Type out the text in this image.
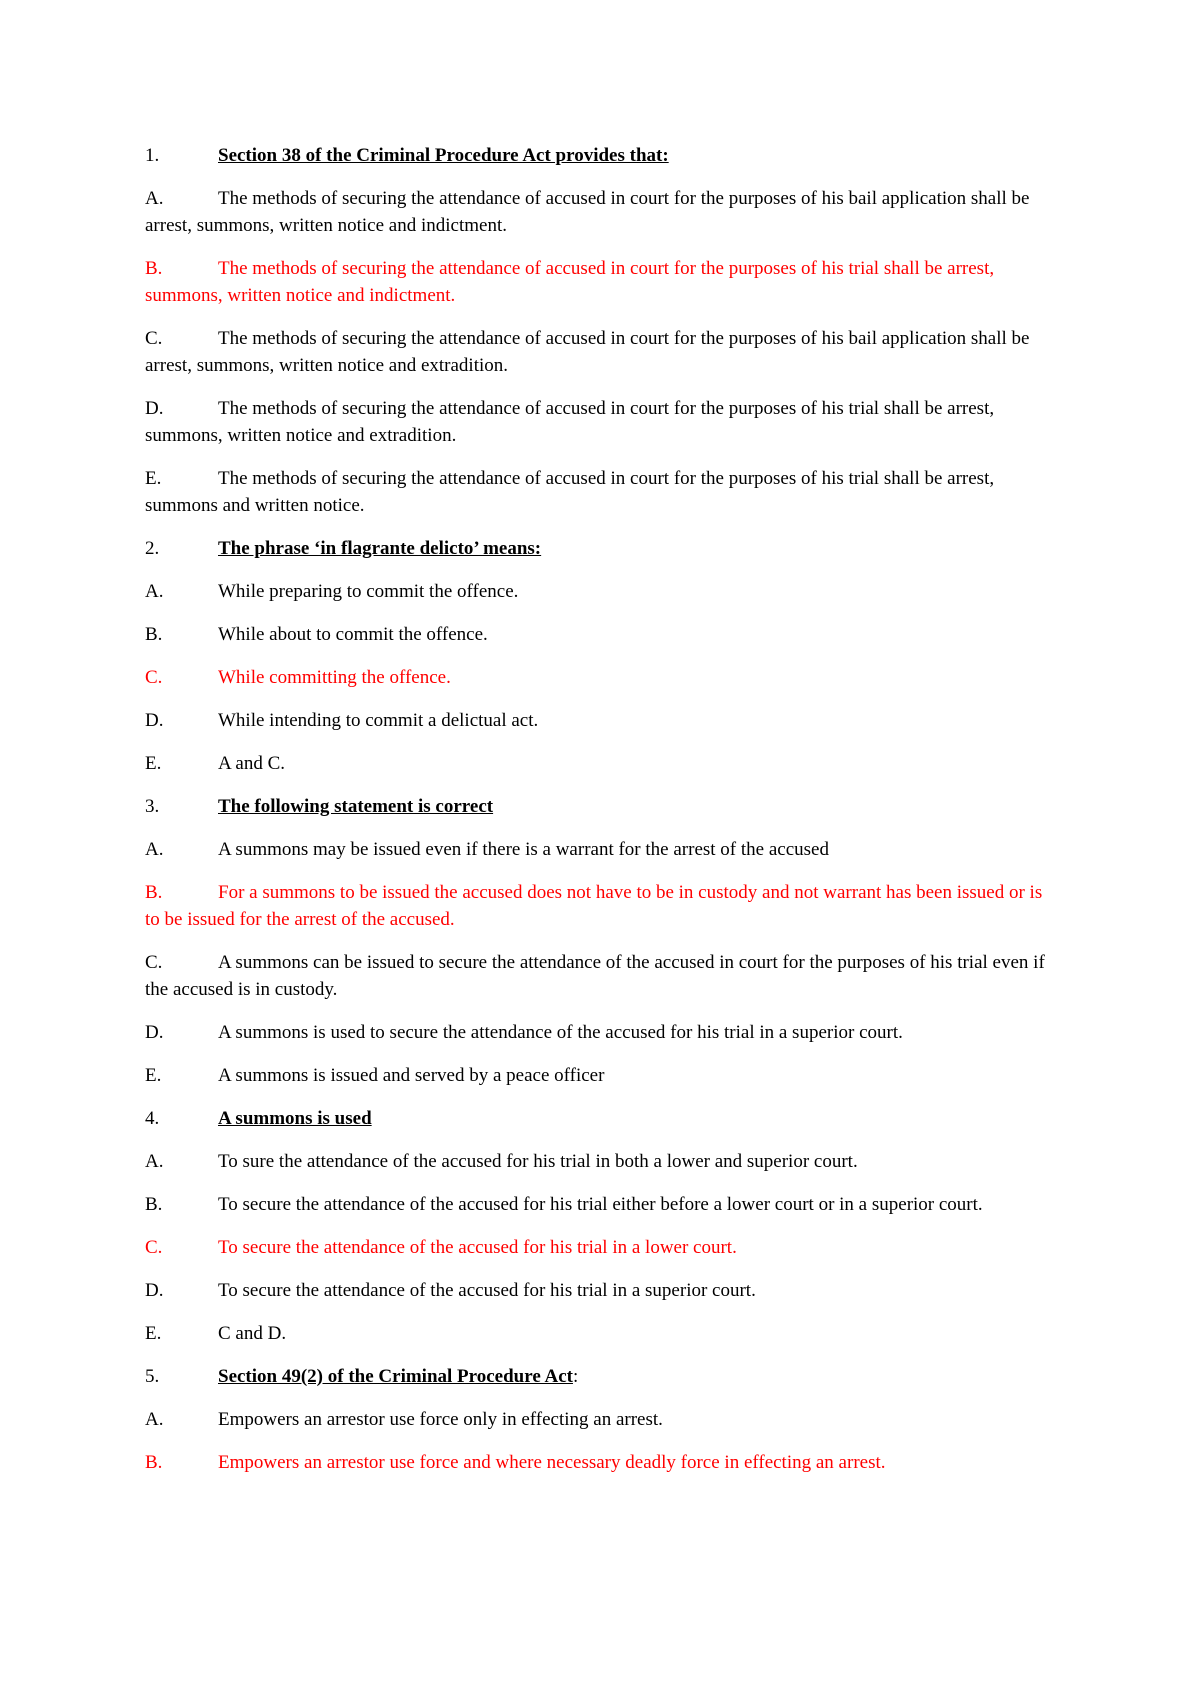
1.	Section 38 of the Criminal Procedure Act provides that:
A.	The methods of securing the attendance of accused in court for the purposes of his bail application shall be arrest, summons, written notice and indictment.
B.	The methods of securing the attendance of accused in court for the purposes of his trial shall be arrest, summons, written notice and indictment.
C.	The methods of securing the attendance of accused in court for the purposes of his bail application shall be arrest, summons, written notice and extradition.
D.	The methods of securing the attendance of accused in court for the purposes of his trial shall be arrest, summons, written notice and extradition.
E.	The methods of securing the attendance of accused in court for the purposes of his trial shall be arrest, summons and written notice.
2.	The phrase ‘in flagrante delicto’ means:
A.	While preparing to commit the offence.
B.	While about to commit the offence.
C.	While committing the offence.
D.	While intending to commit a delictual act.
E.	A and C.
3.	The following statement is correct
A.	A summons may be issued even if there is a warrant for the arrest of the accused
B.	For a summons to be issued the accused does not have to be in custody and not warrant has been issued or is to be issued for the arrest of the accused.
C.	A summons can be issued to secure the attendance of the accused in court for the purposes of his trial even if the accused is in custody.
D.	A summons is used to secure the attendance of the accused for his trial in a superior court.
E.	A summons is issued and served by a peace officer
4.	A summons is used
A.	To sure the attendance of the accused for his trial in both a lower and superior court.
B.	To secure the attendance of the accused for his trial either before a lower court or in a superior court.
C.	To secure the attendance of the accused for his trial in a lower court.
D.	To secure the attendance of the accused for his trial in a superior court.
E.	C and D.
5.	Section 49(2) of the Criminal Procedure Act:
A.	Empowers an arrestor use force only in effecting an arrest.
B.	Empowers an arrestor use force and where necessary deadly force in effecting an arrest.
